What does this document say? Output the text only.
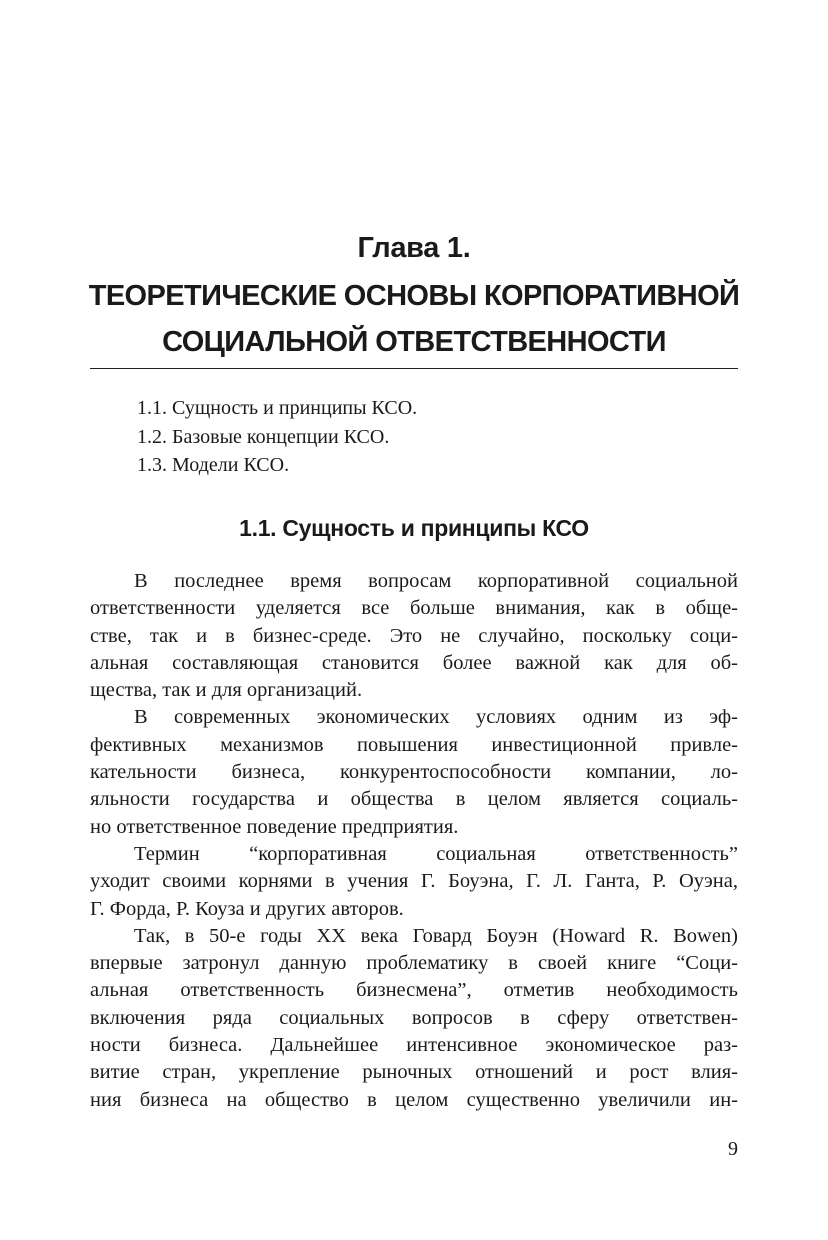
Глава 1.
ТЕОРЕТИЧЕСКИЕ ОСНОВЫ КОРПОРАТИВНОЙ
СОЦИАЛЬНОЙ ОТВЕТСТВЕННОСТИ
1.1. Сущность и принципы КСО.
1.2. Базовые концепции КСО.
1.3. Модели КСО.
1.1. Сущность и принципы КСО
В последнее время вопросам корпоративной социальной
ответственности уделяется все больше внимания, как в обще-
стве, так и в бизнес-среде. Это не случайно, поскольку соци-
альная составляющая становится более важной как для об-
щества, так и для организаций.
В современных экономических условиях одним из эф-
фективных механизмов повышения инвестиционной привле-
кательности бизнеса, конкурентоспособности компании, ло-
яльности государства и общества в целом является социаль-
но ответственное поведение предприятия.
Термин “корпоративная социальная ответственность”
уходит своими корнями в учения Г. Боуэна, Г. Л. Ганта, Р. Оуэна,
Г. Форда, Р. Коуза и других авторов.
Так, в 50-е годы XX века Говард Боуэн (Howard R. Bowen)
впервые затронул данную проблематику в своей книге “Соци-
альная ответственность бизнесмена”, отметив необходимость
включения ряда социальных вопросов в сферу ответствен-
ности бизнеса. Дальнейшее интенсивное экономическое раз-
витие стран, укрепление рыночных отношений и рост влия-
ния бизнеса на общество в целом существенно увеличили ин-
9
